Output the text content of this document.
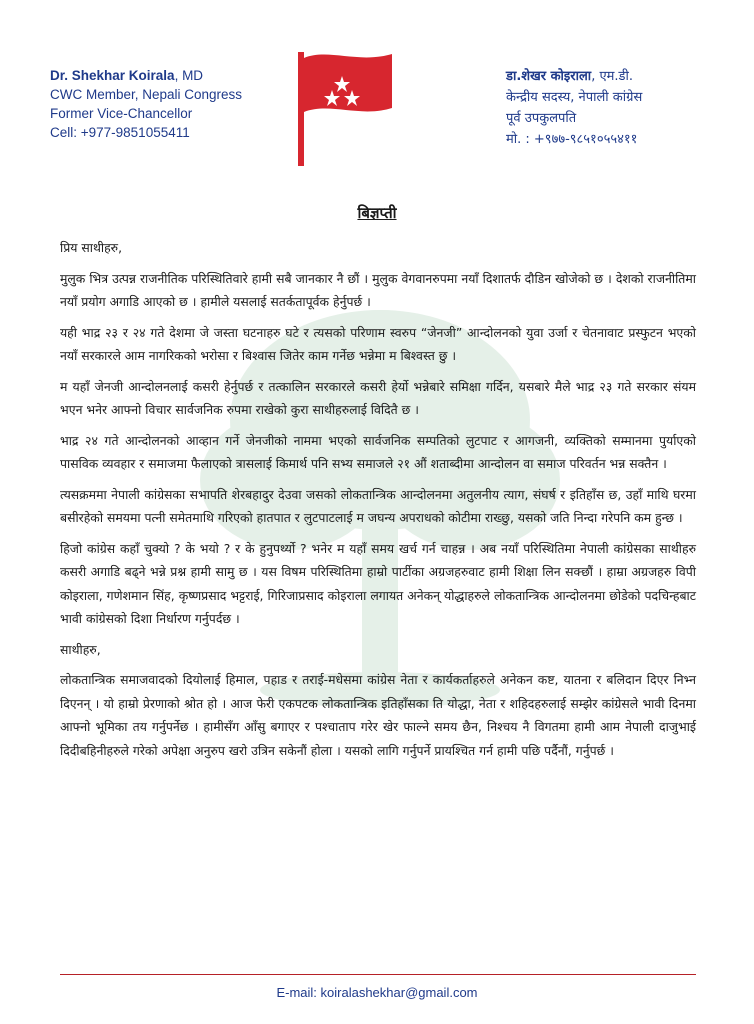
Dr. Shekhar Koirala, MD
CWC Member, Nepali Congress
Former Vice-Chancellor
Cell: +977-9851055411
डा.शेखर कोइराला, एम.डी.
केन्द्रीय सदस्य, नेपाली कांग्रेस
पूर्व उपकुलपति
मो. : +९७७-९८५१०५५४११
बिज्ञप्ती

प्रिय साथीहरु,

मुलुक भित्र उत्पन्न राजनीतिक परिस्थितिवारे हामी सबै जानकार नै छौं । मुलुक वेगवानरुपमा नयाँ दिशातर्फ दौडिन खोजेको छ । देशको राजनीतिमा नयाँ प्रयोग अगाडि आएको छ । हामीले यसलाई सतर्कतापूर्वक हेर्नुपर्छ ।

यही भाद्र २३ र २४ गते देशमा जे जस्ता घटनाहरु घटे र त्यसको परिणाम स्वरुप “जेनजी” आन्दोलनको युवा उर्जा र चेतनावाट प्रस्फुटन भएको नयाँ सरकारले आम नागरिकको भरोसा र बिश्वास जितेर काम गर्नेछ भन्नेमा म बिश्वस्त छु ।

म यहाँ जेनजी आन्दोलनलाई कसरी हेर्नुपर्छ र तत्कालिन सरकारले कसरी हेर्यो भन्नेबारे समिक्षा गर्दिन, यसबारे मैले भाद्र २३ गते सरकार संयम भएन भनेर आफ्नो विचार सार्वजनिक रुपमा राखेको कुरा साथीहरुलाई विदितै छ ।

भाद्र २४ गते आन्दोलनको आव्हान गर्ने जेनजीको नाममा भएको सार्वजनिक सम्पतिको लुटपाट र आगजनी, व्यक्तिको सम्मानमा पुर्याएको पासविक व्यवहार र समाजमा फैलाएको त्रासलाई किमार्थ पनि सभ्य समाजले २१ औं शताब्दीमा आन्दोलन वा समाज परिवर्तन भन्न सक्तैन ।

त्यसक्रममा नेपाली कांग्रेसका सभापति शेरबहादुर देउवा जसको लोकतान्त्रिक आन्दोलनमा अतुलनीय त्याग, संघर्ष र इतिहाँस छ, उहाँ माथि घरमा बसीरहेको समयमा पत्नी समेतमाथि गरिएको हातपात र लुटपाटलाई म जघन्य अपराधको कोटीमा राख्छु, यसको जति निन्दा गरेपनि कम हुन्छ ।

हिजो कांग्रेस कहाँ चुक्यो ? के भयो ? र के हुनुपर्थ्यो ? भनेर म यहाँ समय खर्च गर्न चाहन्न । अब नयाँ परिस्थितिमा नेपाली कांग्रेसका साथीहरु कसरी अगाडि बढ्ने भन्ने प्रश्न हामी सामु छ । यस विषम परिस्थितिमा हाम्रो पार्टीका अग्रजहरुवाट हामी शिक्षा लिन सक्छौं । हाम्रा अग्रजहरु विपी कोइराला, गणेशमान सिंह, कृष्णप्रसाद भट्टराई, गिरिजाप्रसाद कोइराला लगायत अनेकन् योद्धाहरुले लोकतान्त्रिक आन्दोलनमा छोडेको पदचिन्हबाट भावी कांग्रेसको दिशा निर्धारण गर्नुपर्दछ ।

साथीहरु,

लोकतान्त्रिक समाजवादको दियोलाई हिमाल, पहाड र तराई-मधेसमा कांग्रेस नेता र कार्यकर्ताहरुले अनेकन कष्ट, यातना र बलिदान दिएर निभ्न दिएनन् । यो हाम्रो प्रेरणाको श्रोत हो । आज फेरी एकपटक लोकतान्त्रिक इतिहाँसका ति योद्धा, नेता र शहिदहरुलाई सम्झेर कांग्रेसले भावी दिनमा आफ्नो भूमिका तय गर्नुपर्नेछ । हामीसँग आँसु बगाएर र पश्चाताप गरेर खेर फाल्ने समय छैन, निश्चय नै विगतमा हामी आम नेपाली दाजुभाई दिदीबहिनीहरुले गरेको अपेक्षा अनुरुप खरो उत्रिन सकेनौं होला । यसको लागि गर्नुपर्ने प्रायश्चित गर्न हामी पछि पर्दैनौं, गर्नुपर्छ ।

E-mail: koiralashekhar@gmail.com
